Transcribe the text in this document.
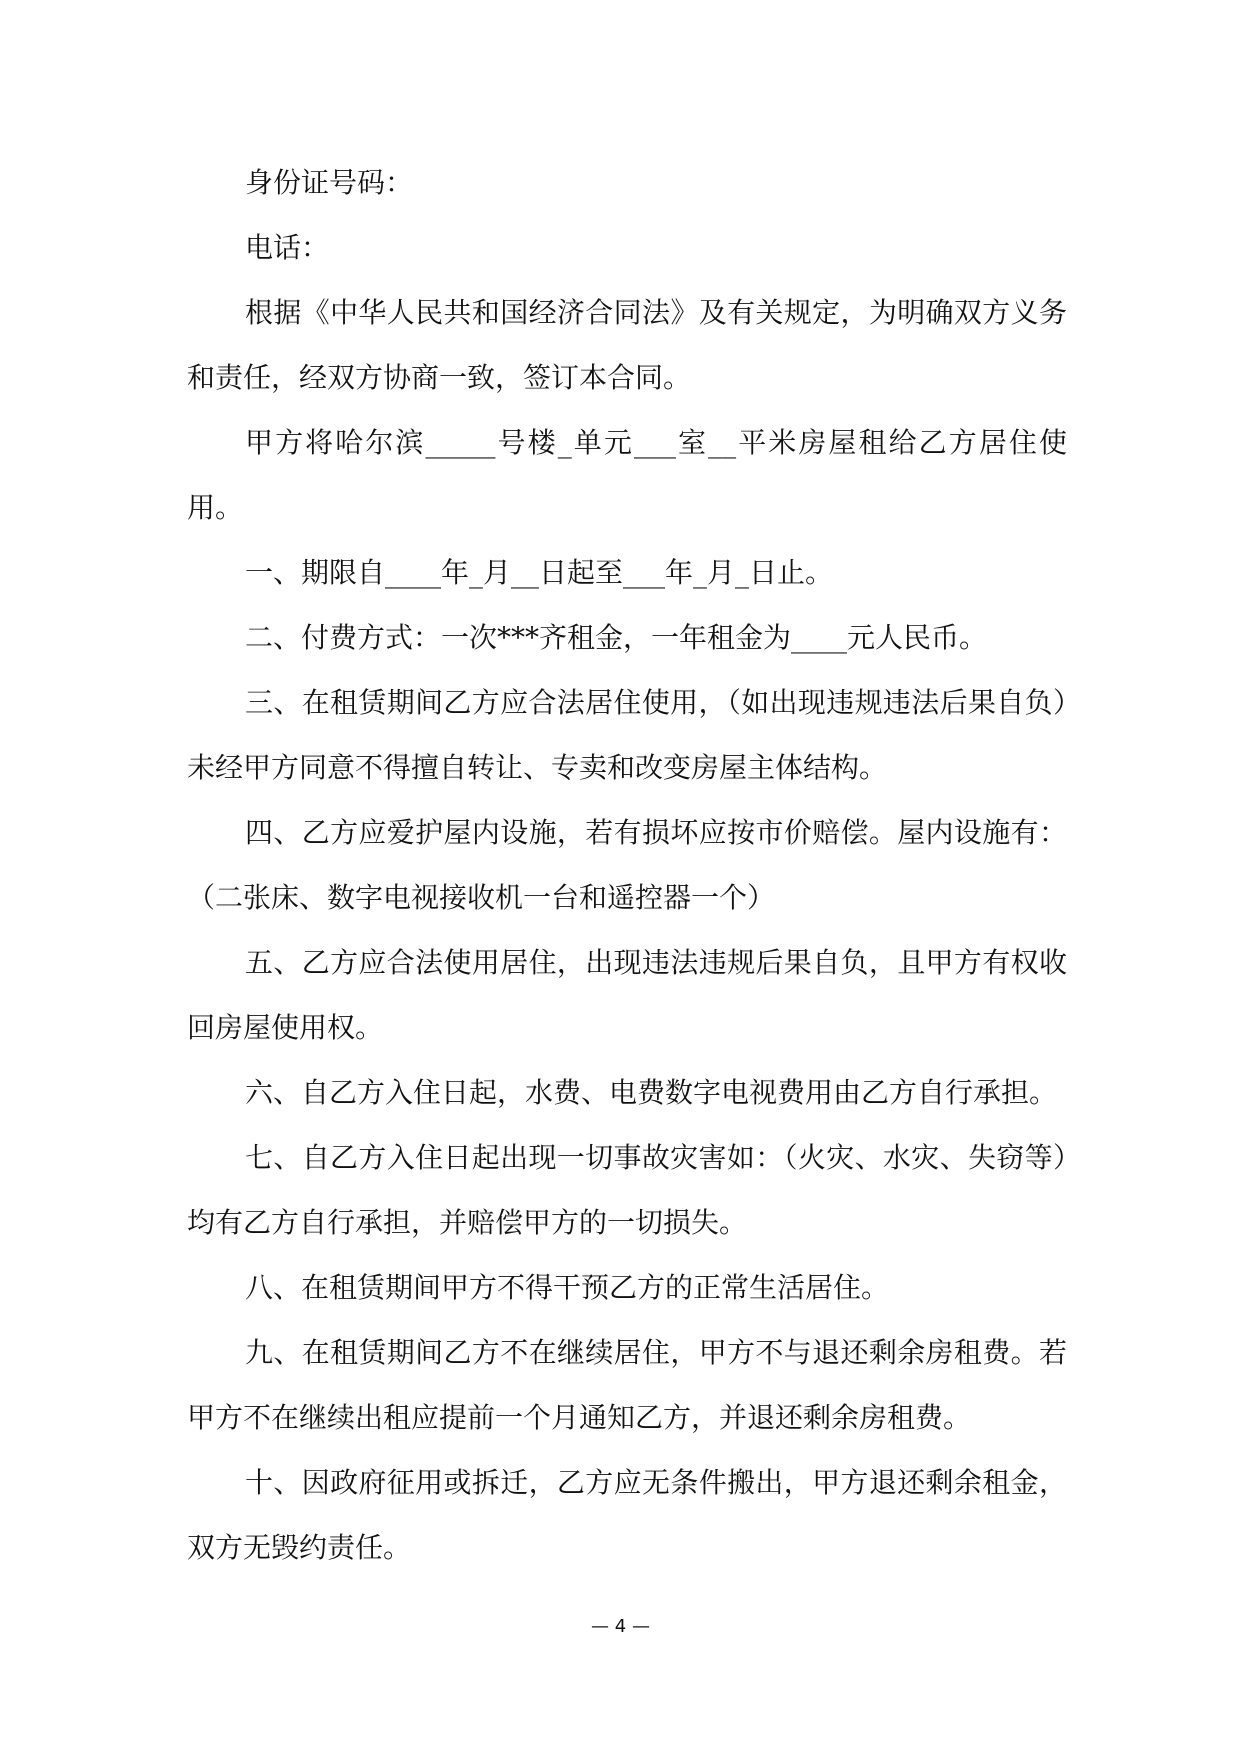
身份证号码：

电话：

根据《中华人民共和国经济合同法》及有关规定，为明确双方义务和责任，经双方协商一致，签订本合同。

甲方将哈尔滨_____号楼_单元___室__平米房屋租给乙方居住使用。

一、期限自____年_月__日起至___年_月_日止。

二、付费方式：一次***齐租金，一年租金为____元人民币。

三、在租赁期间乙方应合法居住使用，（如出现违规违法后果自负）未经甲方同意不得擅自转让、专卖和改变房屋主体结构。

四、乙方应爱护屋内设施，若有损坏应按市价赔偿。屋内设施有：（二张床、数字电视接收机一台和遥控器一个）

五、乙方应合法使用居住，出现违法违规后果自负，且甲方有权收回房屋使用权。

六、自乙方入住日起，水费、电费数字电视费用由乙方自行承担。

七、自乙方入住日起出现一切事故灾害如：（火灾、水灾、失窃等）均有乙方自行承担，并赔偿甲方的一切损失。

八、在租赁期间甲方不得干预乙方的正常生活居住。

九、在租赁期间乙方不在继续居住，甲方不与退还剩余房租费。若甲方不在继续出租应提前一个月通知乙方，并退还剩余房租费。

十、因政府征用或拆迁，乙方应无条件搬出，甲方退还剩余租金，双方无毁约责任。

— 4 —
